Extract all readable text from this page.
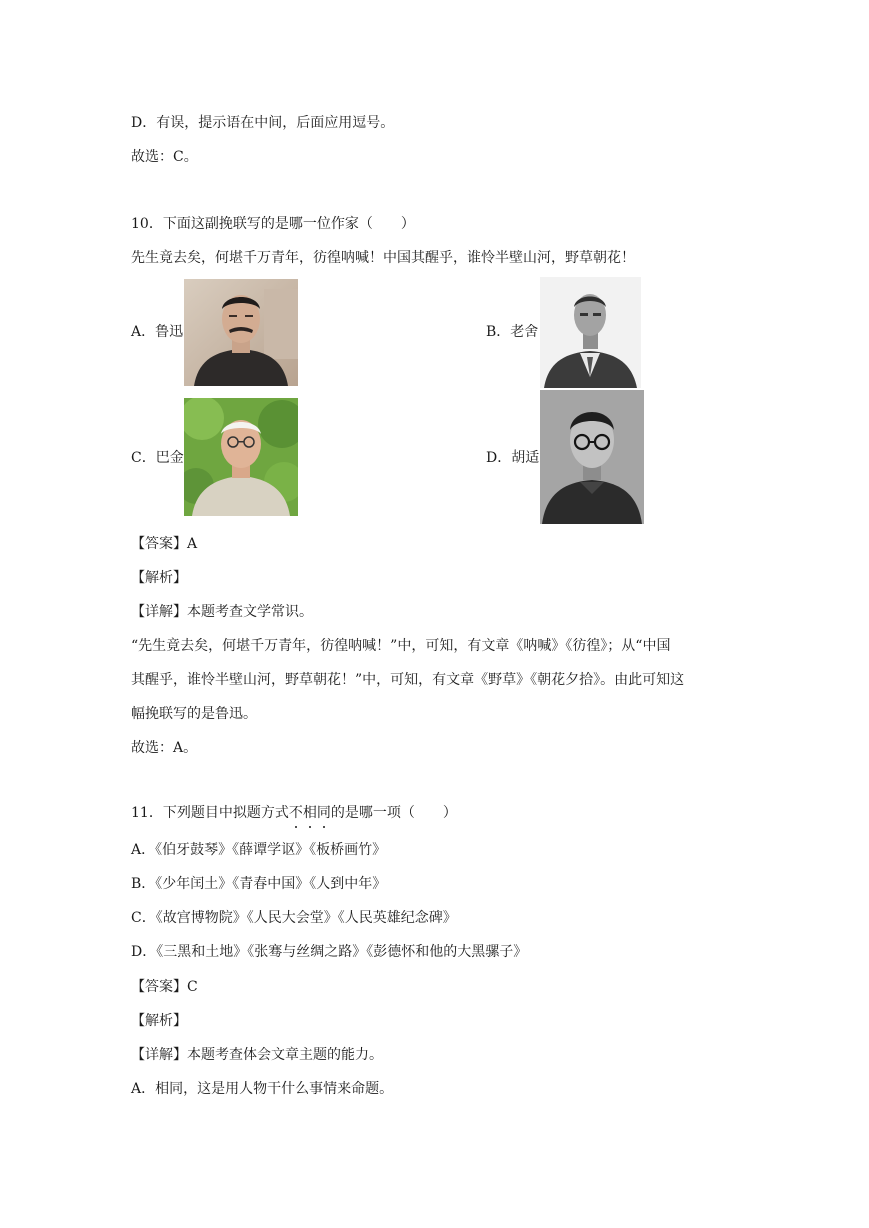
D．有误，提示语在中间，后面应用逗号。
故选：C。
10．下面这副挽联写的是哪一位作家（　　）
先生竟去矣，何堪千万青年，彷徨呐喊！中国其醒乎，谁怜半壁山河，野草朝花！
A．鲁迅	B．老舍
C．巴金	D．胡适
【答案】A
【解析】
【详解】本题考查文学常识。
“先生竟去矣，何堪千万青年，彷徨呐喊！”中，可知，有文章《呐喊》《彷徨》；从“中国
其醒乎，谁怜半壁山河，野草朝花！”中，可知，有文章《野草》《朝花夕拾》。由此可知这
幅挽联写的是鲁迅。
故选：A。
11．下列题目中拟题方式不相同的是哪一项（　　）
A．《伯牙鼓琴》《薛谭学讴》《板桥画竹》
B．《少年闰土》《青春中国》《人到中年》
C．《故宫博物院》《人民大会堂》《人民英雄纪念碑》
D．《三黑和土地》《张骞与丝绸之路》《彭德怀和他的大黑骡子》
【答案】C
【解析】
【详解】本题考查体会文章主题的能力。
A．相同，这是用人物干什么事情来命题。
